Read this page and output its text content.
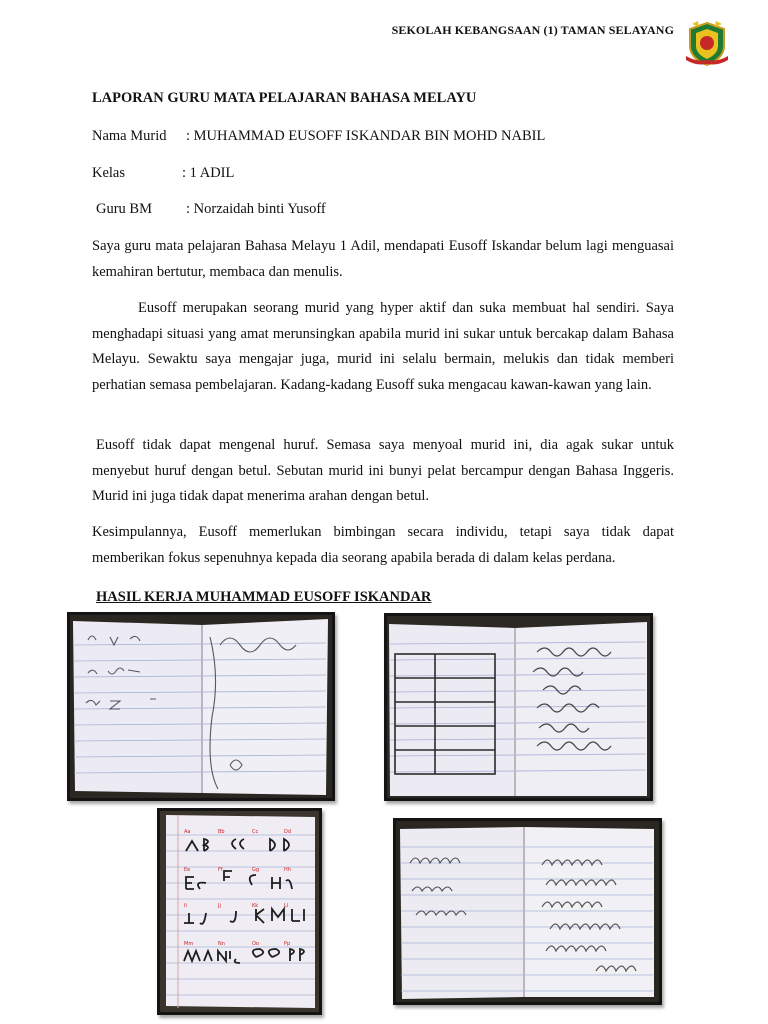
SEKOLAH KEBANGSAAN (1) TAMAN SELAYANG
LAPORAN GURU MATA PELAJARAN BAHASA MELAYU
Nama Murid : MUHAMMAD EUSOFF ISKANDAR BIN MOHD NABIL
Kelas	: 1 ADIL
Guru BM : Norzaidah binti Yusoff

Saya guru mata pelajaran Bahasa Melayu 1 Adil, mendapati Eusoff Iskandar belum lagi menguasai kemahiran bertutur, membaca dan menulis.

Eusoff merupakan seorang murid yang hyper aktif dan suka membuat hal sendiri. Saya menghadapi situasi yang amat merunsingkan apabila murid ini sukar untuk bercakap dalam Bahasa Melayu. Sewaktu saya mengajar juga, murid ini selalu bermain, melukis dan tidak memberi perhatian semasa pembelajaran. Kadang-kadang Eusoff suka mengacau kawan-kawan yang lain.

Eusoff tidak dapat mengenal huruf. Semasa saya menyoal murid ini, dia agak sukar untuk menyebut huruf dengan betul. Sebutan murid ini bunyi pelat bercampur dengan Bahasa Inggeris. Murid ini juga tidak dapat menerima arahan dengan betul.

Kesimpulannya, Eusoff memerlukan bimbingan secara individu, tetapi saya tidak dapat memberikan fokus sepenuhnya kepada dia seorang apabila berada di dalam kelas perdana.

HASIL KERJA MUHAMMAD EUSOFF ISKANDAR
Aa	Bb	Cc	Dd
Ee	Ff	Gg	Hh
Ii	Jj	Kk	Ll
Mm	Nn	Oo	Pp
